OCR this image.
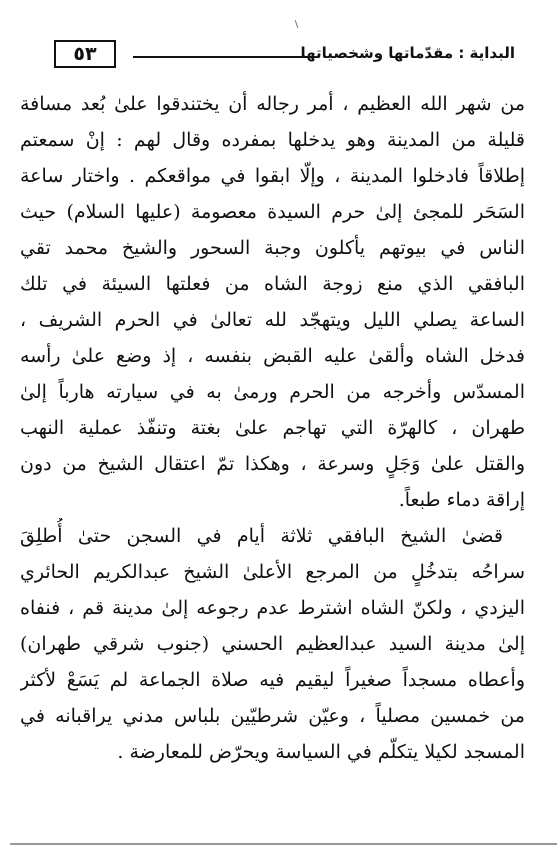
٥٣	البداية : مقدّماتها وشخصياتها
من شهر الله العظيم ، أمر رجاله أن يختندقوا علىٰ بُعد مسافة
قليلة من المدينة وهو يدخلها بمفرده وقال لهم : إنْ سمعتم
إطلاقاً فادخلوا المدينة ، وإلّا ابقوا في مواقعكم . واختار ساعة
السَحَر للمجئ إلىٰ حرم السيدة معصومة (عليها السلام) حيث
الناس في بيوتهم يأكلون وجبة السحور والشيخ محمد تقي
البافقي الذي منع زوجة الشاه من فعلتها السيئة في تلك
الساعة يصلي الليل ويتهجّد لله تعالىٰ في الحرم الشريف ،
فدخل الشاه وألقىٰ عليه القبض بنفسه ، إذ وضع علىٰ رأسه
المسدّس وأخرجه من الحرم ورمىٰ به في سيارته هارباً إلىٰ
طهران ، كالهرّة التي تهاجم علىٰ بغتة وتنفّذ عملية النهب
والقتل علىٰ وَجَلٍ وسرعة ، وهكذا تمّ اعتقال الشيخ من دون
إراقة دماء طبعاً.
قضىٰ الشيخ البافقي ثلاثة أيام في السجن حتىٰ أُطلِقَ
سراحُه بتدخُلٍ من المرجع الأعلىٰ الشيخ عبدالكريم الحائري
اليزدي ، ولكنّ الشاه اشترط عدم رجوعه إلىٰ مدينة قم ، فنفاه
إلىٰ مدينة السيد عبدالعظيم الحسني (جنوب شرقي طهران)
وأعطاه مسجداً صغيراً ليقيم فيه صلاة الجماعة لم يَسَعْ لأكثر
من خمسين مصلياً ، وعيّن شرطيّين بلباس مدني يراقبانه في
المسجد لكيلا يتكلّم في السياسة ويحرّض للمعارضة .
